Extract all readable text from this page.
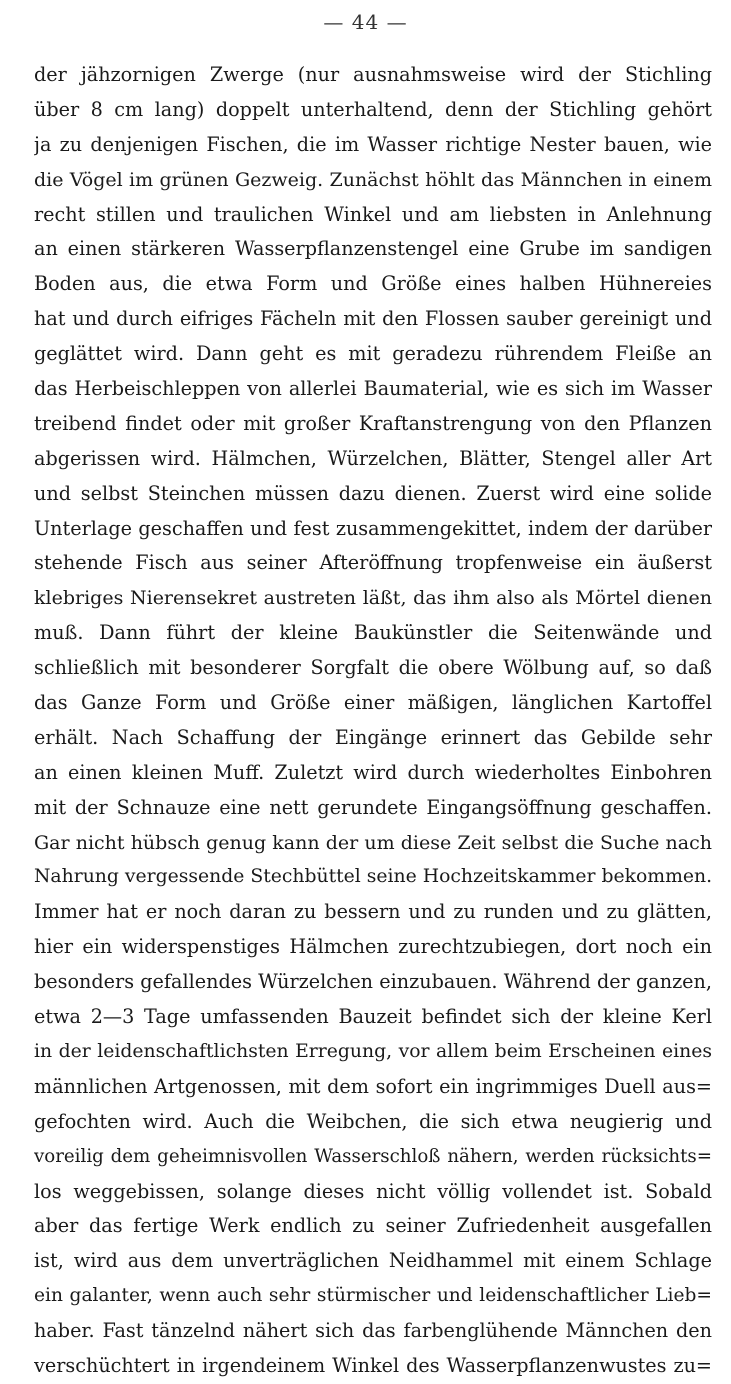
— 44 —
der jähzornigen Zwerge (nur ausnahmsweise wird der Stichling
über 8 cm lang) doppelt unterhaltend, denn der Stichling gehört
ja zu denjenigen Fischen, die im Wasser richtige Nester bauen, wie
die Vögel im grünen Gezweig. Zunächst höhlt das Männchen in einem
recht stillen und traulichen Winkel und am liebsten in Anlehnung
an einen stärkeren Wasserpflanzenstengel eine Grube im sandigen
Boden aus, die etwa Form und Größe eines halben Hühnereies
hat und durch eifriges Fächeln mit den Flossen sauber gereinigt und
geglättet wird. Dann geht es mit geradezu rührendem Fleiße an
das Herbeischleppen von allerlei Baumaterial, wie es sich im Wasser
treibend findet oder mit großer Kraftanstrengung von den Pflanzen
abgerissen wird. Hälmchen, Würzelchen, Blätter, Stengel aller Art
und selbst Steinchen müssen dazu dienen. Zuerst wird eine solide
Unterlage geschaffen und fest zusammengekittet, indem der darüber
stehende Fisch aus seiner Afteröffnung tropfenweise ein äußerst
klebriges Nierensekret austreten läßt, das ihm also als Mörtel dienen
muß. Dann führt der kleine Baukünstler die Seitenwände und
schließlich mit besonderer Sorgfalt die obere Wölbung auf, so daß
das Ganze Form und Größe einer mäßigen, länglichen Kartoffel
erhält. Nach Schaffung der Eingänge erinnert das Gebilde sehr
an einen kleinen Muff. Zuletzt wird durch wiederholtes Einbohren
mit der Schnauze eine nett gerundete Eingangsöffnung geschaffen.
Gar nicht hübsch genug kann der um diese Zeit selbst die Suche nach
Nahrung vergessende Stechbüttel seine Hochzeitskammer bekommen.
Immer hat er noch daran zu bessern und zu runden und zu glätten,
hier ein widerspenstiges Hälmchen zurechtzubiegen, dort noch ein
besonders gefallendes Würzelchen einzubauen. Während der ganzen,
etwa 2—3 Tage umfassenden Bauzeit befindet sich der kleine Kerl
in der leidenschaftlichsten Erregung, vor allem beim Erscheinen eines
männlichen Artgenossen, mit dem sofort ein ingrimmiges Duell aus=
gefochten wird. Auch die Weibchen, die sich etwa neugierig und
voreilig dem geheimnisvollen Wasserschloß nähern, werden rücksichts=
los weggebissen, solange dieses nicht völlig vollendet ist. Sobald
aber das fertige Werk endlich zu seiner Zufriedenheit ausgefallen
ist, wird aus dem unverträglichen Neidhammel mit einem Schlage
ein galanter, wenn auch sehr stürmischer und leidenschaftlicher Lieb=
haber. Fast tänzelnd nähert sich das farbenglühende Männchen den
verschüchtert in irgendeinem Winkel des Wasserpflanzenwustes zu=
